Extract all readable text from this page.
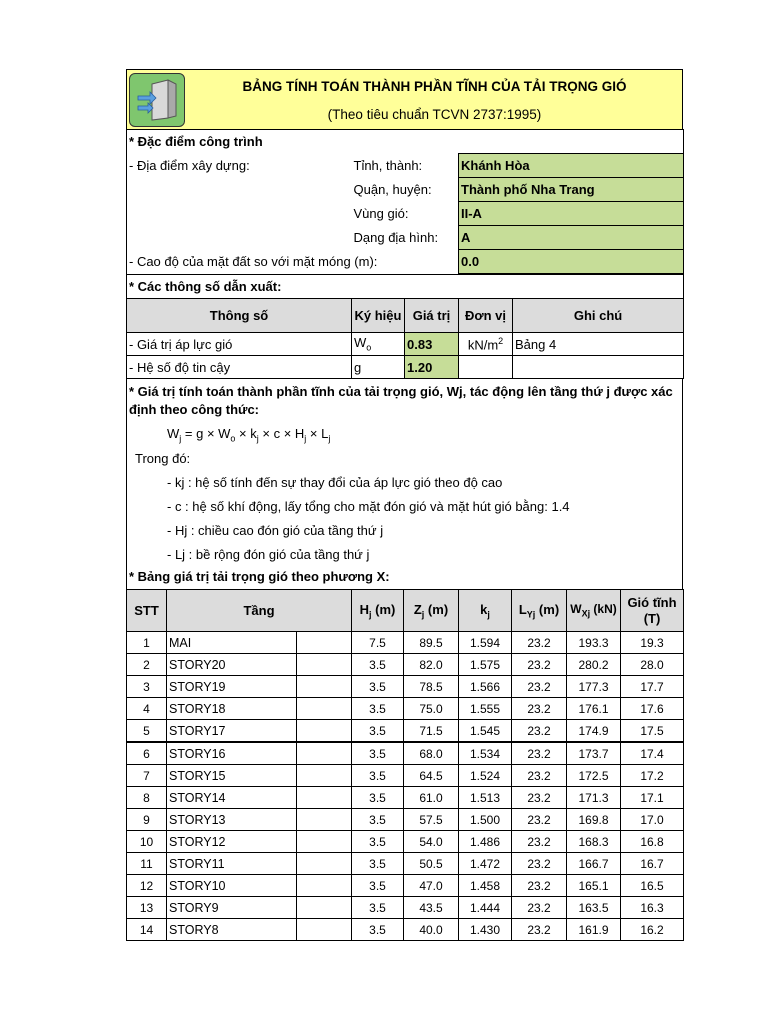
BẢNG TÍNH TOÁN THÀNH PHẦN TĨNH CỦA TẢI TRỌNG GIÓ
(Theo tiêu chuẩn TCVN 2737:1995)
* Đặc điểm công trình		
- Địa điểm xây dựng:	Tỉnh, thành:	Khánh Hòa
	Quận, huyện:	Thành phố Nha Trang
	Vùng gió:	II-A
	Dạng địa hình:	A
- Cao độ của mặt đất so với mặt móng (m):		0.0
* Các thông số dẫn xuất:				
Thông số	Ký hiệu	Giá trị	Đơn vị	Ghi chú
- Giá trị áp lực gió	$W_o$	0.83	$kN/m^2$	Bảng 4
- Hệ số độ tin cậy	g	1.20		
* Giá trị tính toán thành phần tĩnh của tải trọng gió, Wj, tác động lên tầng thứ j được xác định theo công thức:
$W_j = g \times W_o \times k_j \times c \times H_j \times L_j$
Trong đó:
- kj : hệ số tính đến sự thay đổi của áp lực gió theo độ cao
- c : hệ số khí động, lấy tổng cho mặt đón gió và mặt hút gió bằng: 1.4
- Hj : chiều cao đón gió của tầng thứ j
- Lj : bề rộng đón gió của tầng thứ j
* Bảng giá trị tải trọng gió theo phương X:
STT	Tầng		$H_j$ (m)	$Z_j$ (m)	$k_j$	$L_{Yj}$ (m)	$W_{Xj}$ (kN)	Gió tĩnh (T)
1	MAI		7.5	89.5	1.594	23.2	193.3	19.3
2	STORY20		3.5	82.0	1.575	23.2	280.2	28.0
3	STORY19		3.5	78.5	1.566	23.2	177.3	17.7
4	STORY18		3.5	75.0	1.555	23.2	176.1	17.6
5	STORY17		3.5	71.5	1.545	23.2	174.9	17.5
6	STORY16		3.5	68.0	1.534	23.2	173.7	17.4
7	STORY15		3.5	64.5	1.524	23.2	172.5	17.2
8	STORY14		3.5	61.0	1.513	23.2	171.3	17.1
9	STORY13		3.5	57.5	1.500	23.2	169.8	17.0
10	STORY12		3.5	54.0	1.486	23.2	168.3	16.8
11	STORY11		3.5	50.5	1.472	23.2	166.7	16.7
12	STORY10		3.5	47.0	1.458	23.2	165.1	16.5
13	STORY9		3.5	43.5	1.444	23.2	163.5	16.3
14	STORY8		3.5	40.0	1.430	23.2	161.9	16.2
